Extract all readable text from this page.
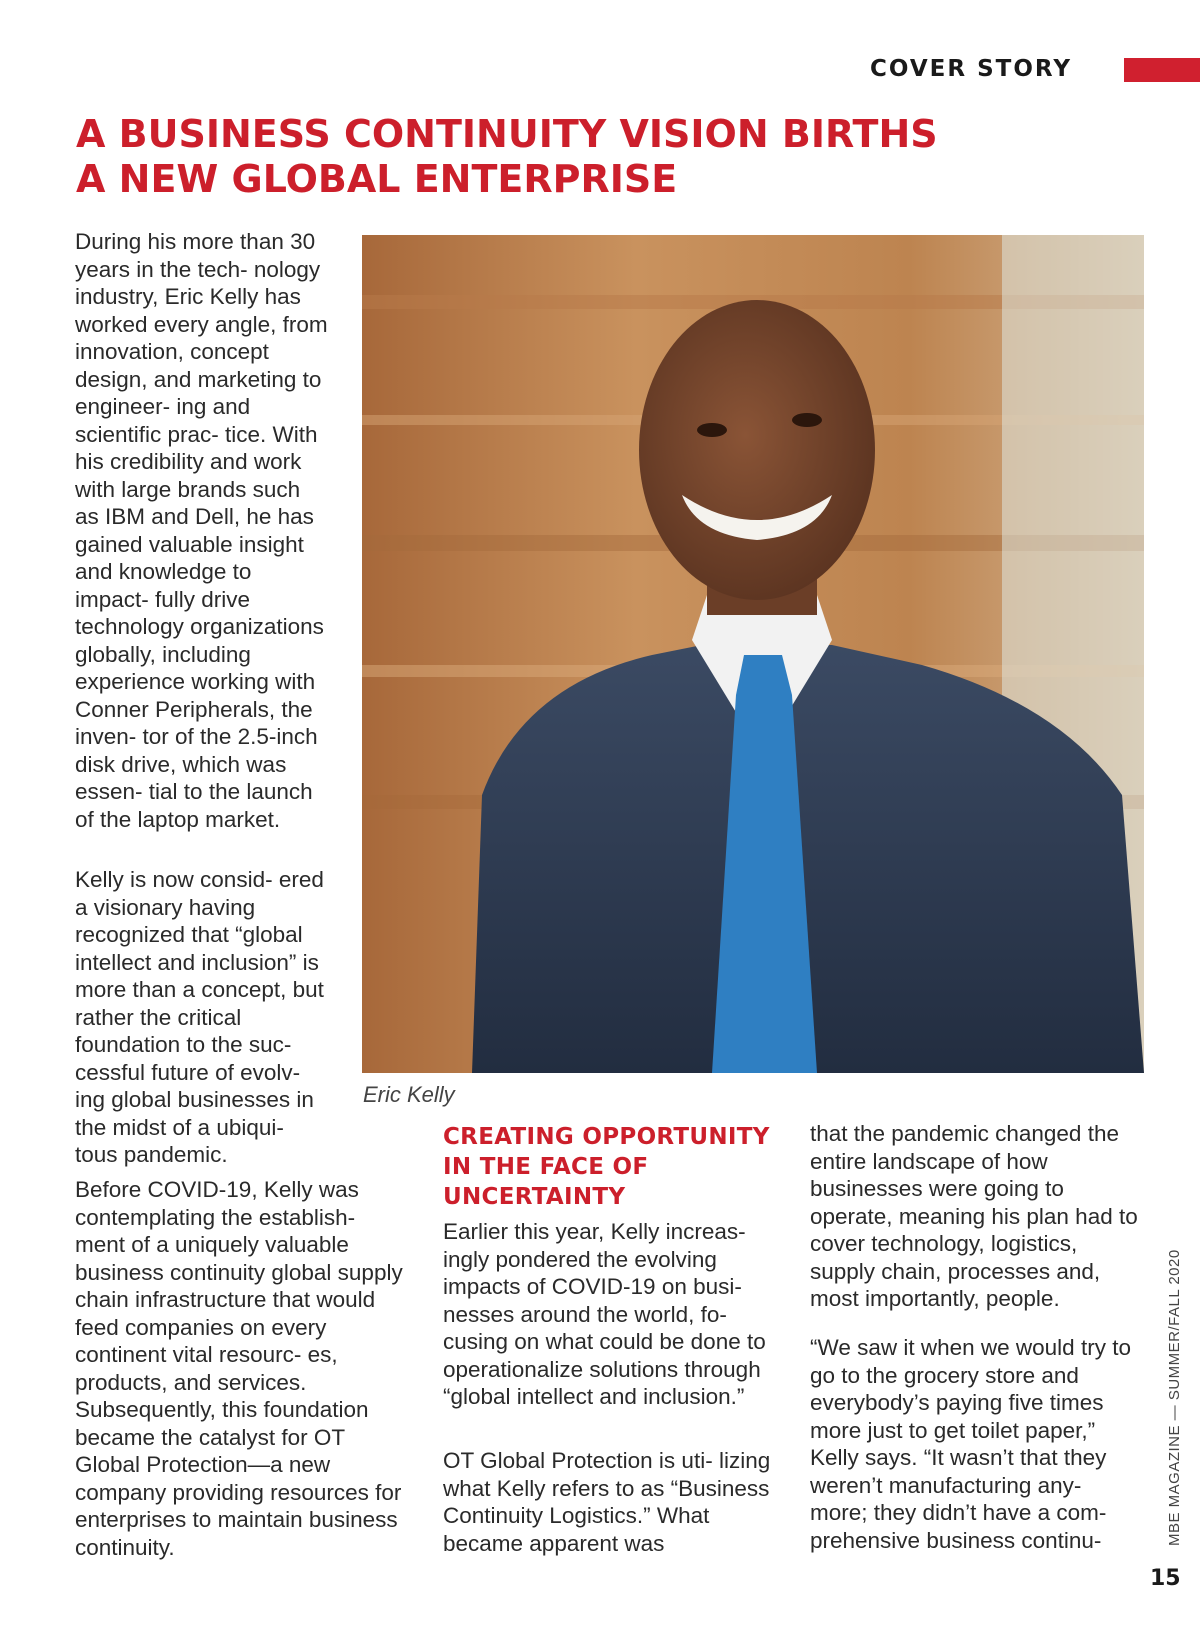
COVER STORY
A BUSINESS CONTINUITY VISION BIRTHS
A NEW GLOBAL ENTERPRISE
Eric Kelly

During his more than 30 years in the tech- nology industry, Eric Kelly has worked every angle, from innovation, concept design, and marketing to engineer- ing and scientific prac- tice. With his credibility and work with large brands such as IBM and Dell, he has gained valuable insight and knowledge to impact- fully drive technology organizations globally, including experience working with Conner Peripherals, the inven- tor of the 2.5-inch disk drive, which was essen- tial to the launch of the laptop market.

Kelly is now consid- ered a visionary having recognized that “global intellect and inclusion” is more than a concept, but rather the critical foundation to the suc- cessful future of evolv- ing global businesses in the midst of a ubiqui- tous pandemic.

Before COVID-19, Kelly was contemplating the establish- ment of a uniquely valuable business continuity global supply chain infrastructure that would feed companies on every continent vital resourc- es, products, and services. Subsequently, this foundation became the catalyst for OT Global Protection—a new company providing resources for enterprises to maintain business continuity.

CREATING OPPORTUNITY
IN THE FACE OF
UNCERTAINTY

Earlier this year, Kelly increas- ingly pondered the evolving impacts of COVID-19 on busi- nesses around the world, fo- cusing on what could be done to operationalize solutions through “global intellect and inclusion.”

OT Global Protection is uti- lizing what Kelly refers to as “Business Continuity Logistics.” What became apparent was

that the pandemic changed the entire landscape of how businesses were going to operate, meaning his plan had to cover technology, logistics, supply chain, processes and, most importantly, people.

“We saw it when we would try to go to the grocery store and everybody’s paying five times more just to get toilet paper,” Kelly says. “It wasn’t that they weren’t manufacturing any- more; they didn’t have a com- prehensive business continu-	MBE MAGAZINE — SUMMER/FALL 2020
15
